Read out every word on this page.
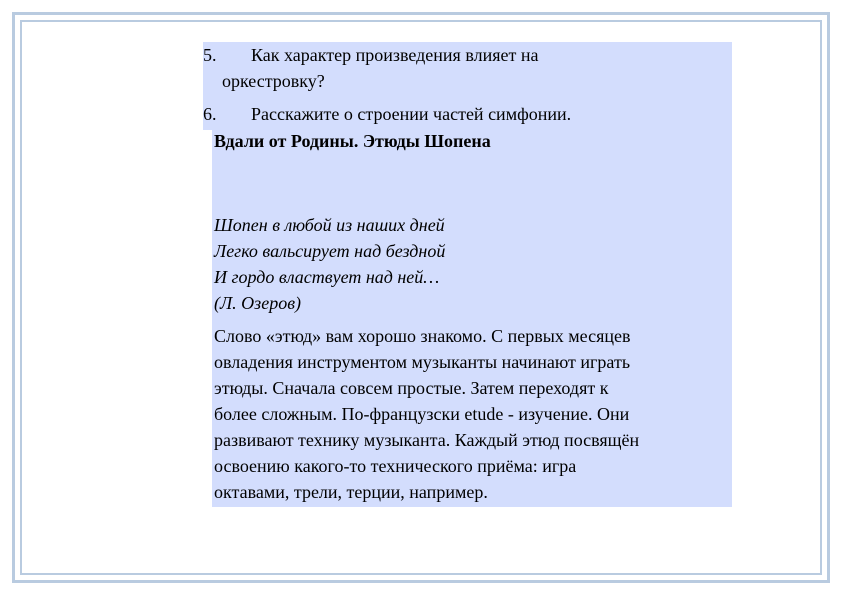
5. Как характер произведения влияет на
оркестровку?
6. Расскажите о строении частей симфонии.
Вдали от Родины. Этюды Шопена
Шопен в любой из наших дней
Легко вальсирует над бездной
И гордо властвует над ней…
(Л. Озеров)
Слово «этюд» вам хорошо знакомо. С первых месяцев
овладения инструментом музыканты начинают играть
этюды. Сначала совсем простые. Затем переходят к
более сложным. По-французски etude - изучение. Они
развивают технику музыканта. Каждый этюд посвящён
освоению какого-то технического приёма: игра
октавами, трели, терции, например.
